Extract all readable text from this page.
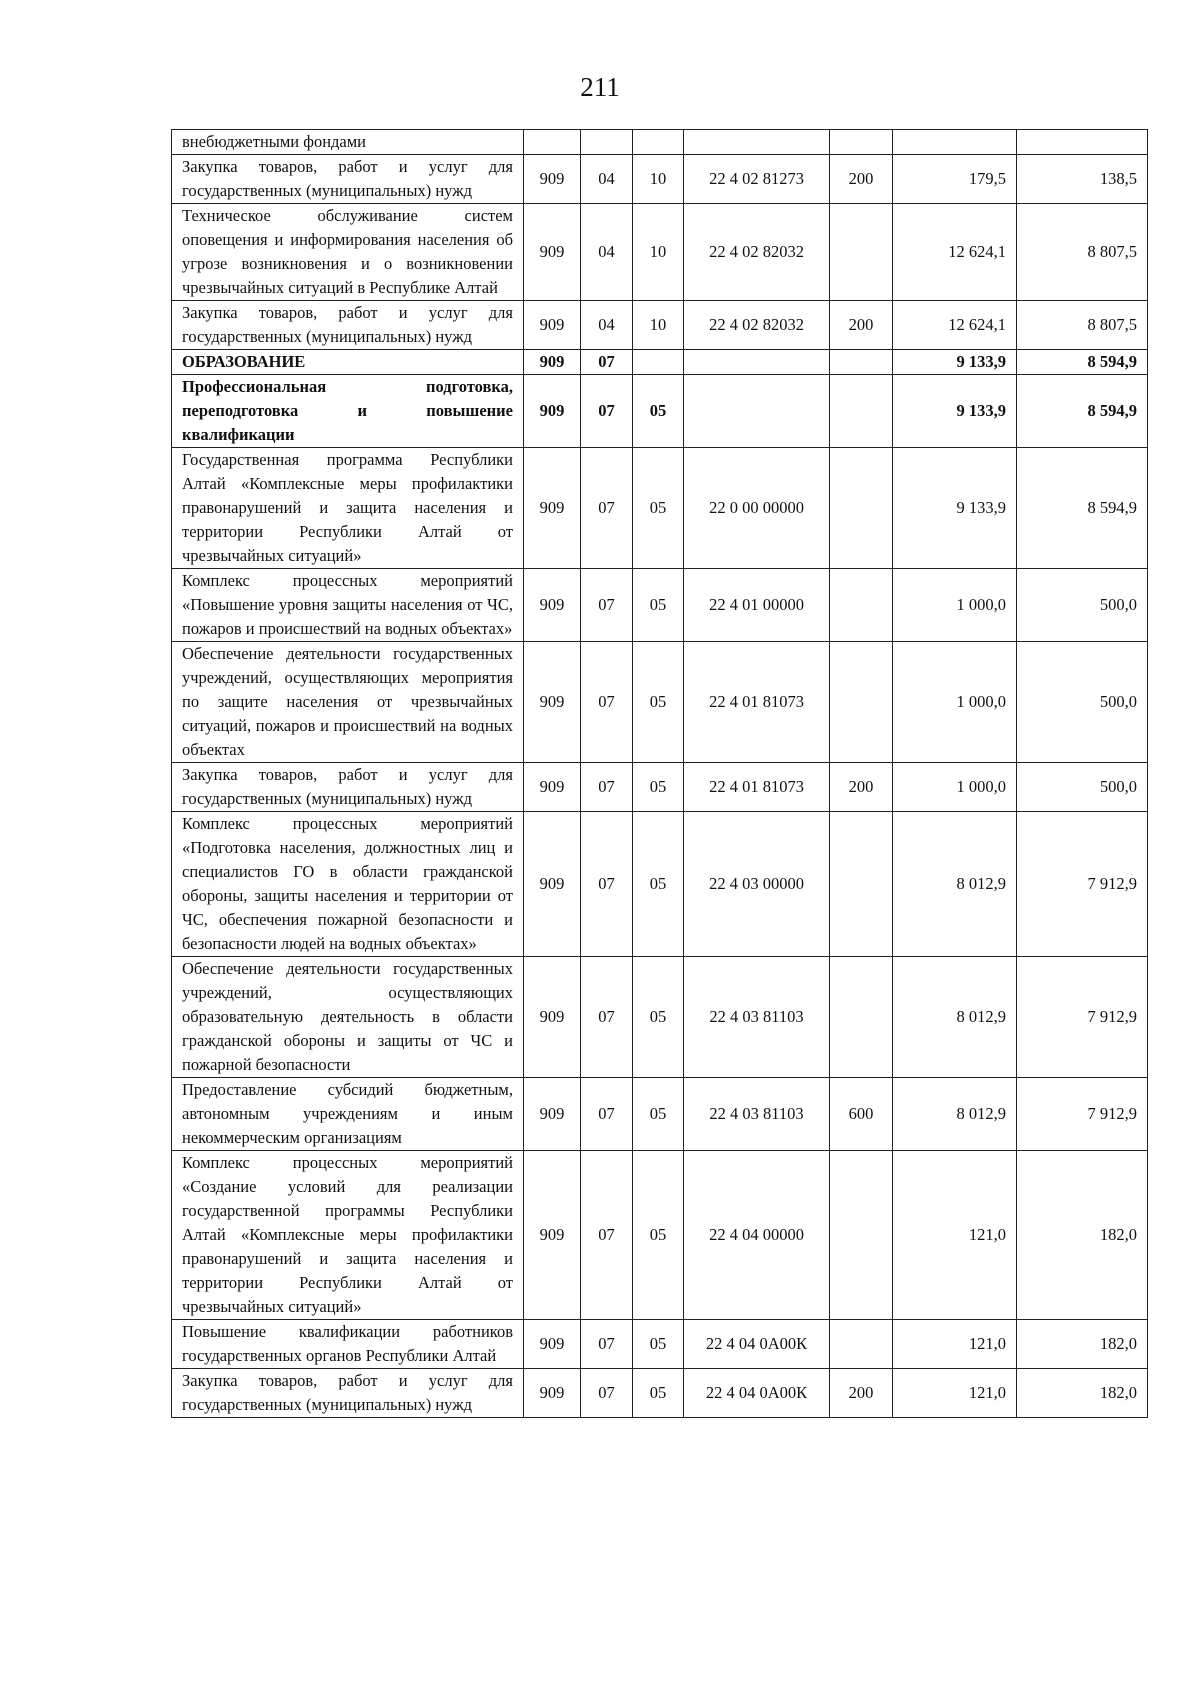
211
внебюджетными фондами							
Закупка товаров, работ и услуг для государственных (муниципальных) нужд	909	04	10	22 4 02 81273	200	179,5	138,5
Техническое обслуживание систем оповещения и информирования населения об угрозе возникновения и о возникновении чрезвычайных ситуаций в Республике Алтай	909	04	10	22 4 02 82032		12 624,1	8 807,5
Закупка товаров, работ и услуг для государственных (муниципальных) нужд	909	04	10	22 4 02 82032	200	12 624,1	8 807,5
ОБРАЗОВАНИЕ	909	07				9 133,9	8 594,9
Профессиональная подготовка, переподготовка и повышение квалификации	909	07	05			9 133,9	8 594,9
Государственная программа Республики Алтай «Комплексные меры профилактики правонарушений и защита населения и территории Республики Алтай от чрезвычайных ситуаций»	909	07	05	22 0 00 00000		9 133,9	8 594,9
Комплекс процессных мероприятий «Повышение уровня защиты населения от ЧС, пожаров и происшествий на водных объектах»	909	07	05	22 4 01 00000		1 000,0	500,0
Обеспечение деятельности государственных учреждений, осуществляющих мероприятия по защите населения от чрезвычайных ситуаций, пожаров и происшествий на водных объектах	909	07	05	22 4 01 81073		1 000,0	500,0
Закупка товаров, работ и услуг для государственных (муниципальных) нужд	909	07	05	22 4 01 81073	200	1 000,0	500,0
Комплекс процессных мероприятий «Подготовка населения, должностных лиц и специалистов ГО в области гражданской обороны, защиты населения и территории от ЧС, обеспечения пожарной безопасности и безопасности людей на водных объектах»	909	07	05	22 4 03 00000		8 012,9	7 912,9
Обеспечение деятельности государственных учреждений, осуществляющих образовательную деятельность в области гражданской обороны и защиты от ЧС и пожарной безопасности	909	07	05	22 4 03 81103		8 012,9	7 912,9
Предоставление субсидий бюджетным, автономным учреждениям и иным некоммерческим организациям	909	07	05	22 4 03 81103	600	8 012,9	7 912,9
Комплекс процессных мероприятий «Создание условий для реализации государственной программы Республики Алтай «Комплексные меры профилактики правонарушений и защита населения и территории Республики Алтай от чрезвычайных ситуаций»	909	07	05	22 4 04 00000		121,0	182,0
Повышение квалификации работников государственных органов Республики Алтай	909	07	05	22 4 04 0А00К		121,0	182,0
Закупка товаров, работ и услуг для государственных (муниципальных) нужд	909	07	05	22 4 04 0А00К	200	121,0	182,0
